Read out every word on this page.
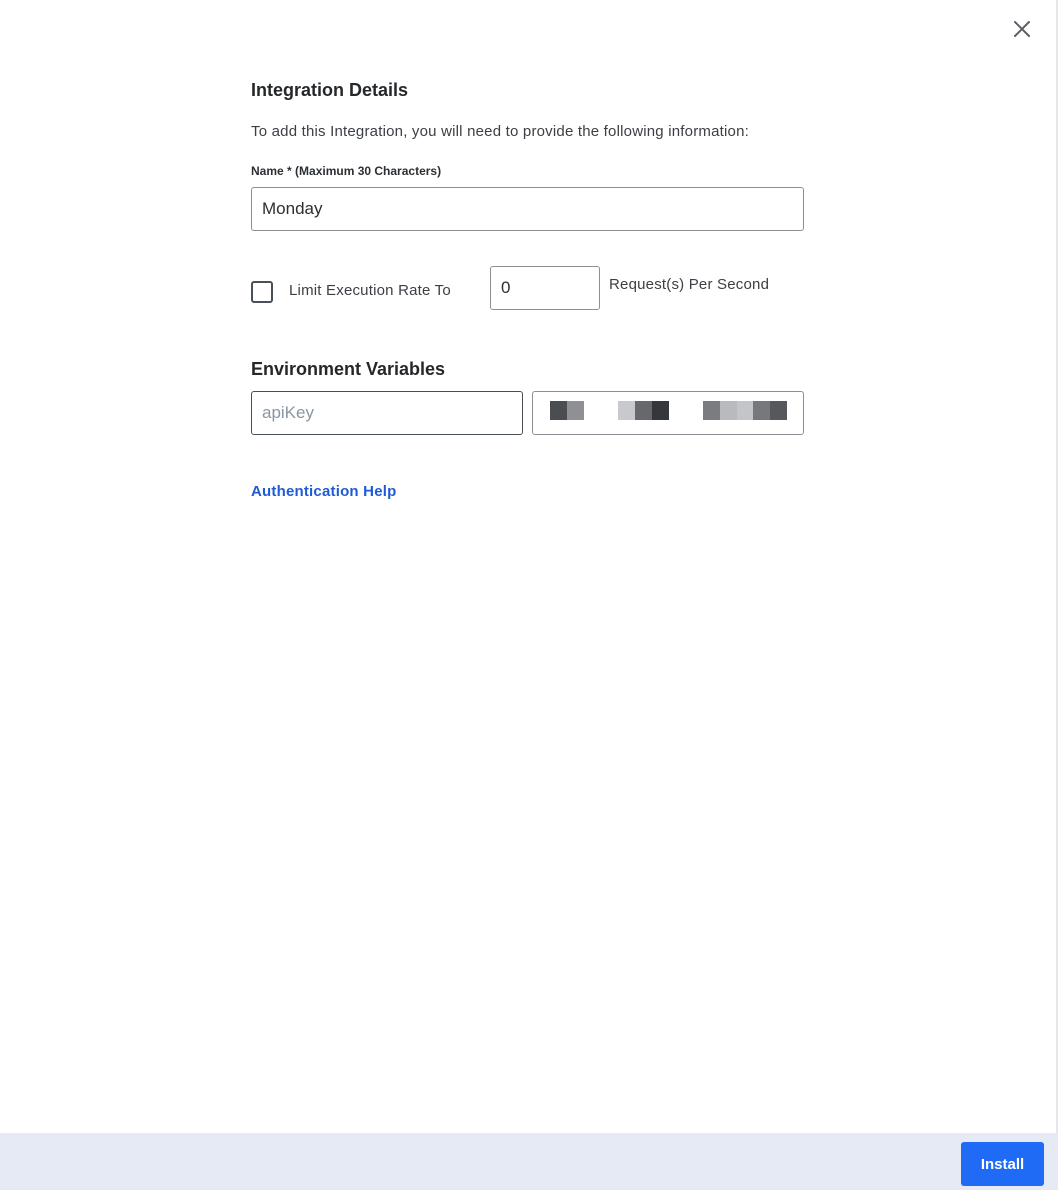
Integration Details
To add this Integration, you will need to provide the following information:
Name * (Maximum 30 Characters)
Monday
Limit Execution Rate To
0	Request(s) Per Second
Environment Variables
apiKey
Authentication Help
Install
